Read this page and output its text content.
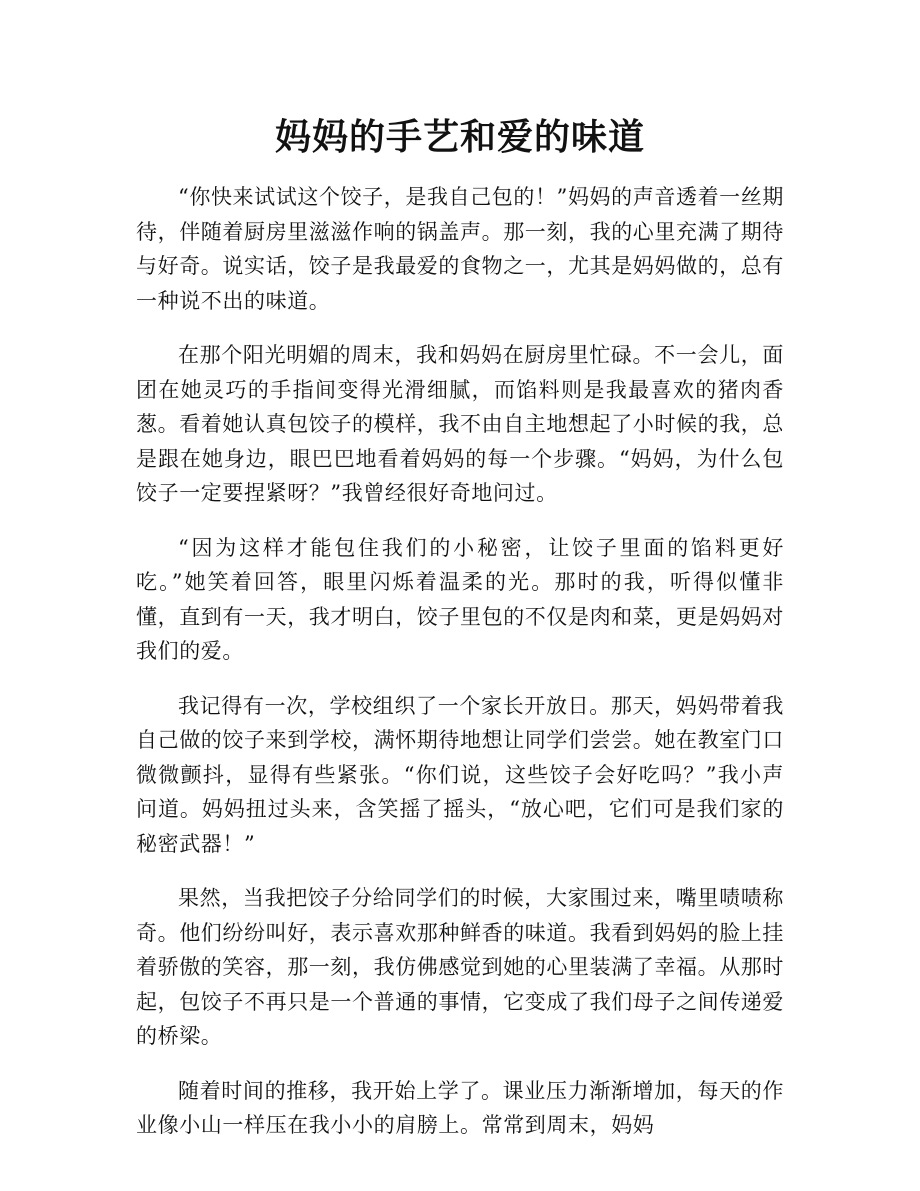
妈妈的手艺和爱的味道

“你快来试试这个饺子，是我自己包的！”妈妈的声音透着一丝期待，伴随着厨房里滋滋作响的锅盖声。那一刻，我的心里充满了期待与好奇。说实话，饺子是我最爱的食物之一，尤其是妈妈做的，总有一种说不出的味道。

在那个阳光明媚的周末，我和妈妈在厨房里忙碌。不一会儿，面团在她灵巧的手指间变得光滑细腻，而馅料则是我最喜欢的猪肉香葱。看着她认真包饺子的模样，我不由自主地想起了小时候的我，总是跟在她身边，眼巴巴地看着妈妈的每一个步骤。“妈妈，为什么包饺子一定要捏紧呀？”我曾经很好奇地问过。

“因为这样才能包住我们的小秘密，让饺子里面的馅料更好吃。”她笑着回答，眼里闪烁着温柔的光。那时的我，听得似懂非懂，直到有一天，我才明白，饺子里包的不仅是肉和菜，更是妈妈对我们的爱。

我记得有一次，学校组织了一个家长开放日。那天，妈妈带着我自己做的饺子来到学校，满怀期待地想让同学们尝尝。她在教室门口微微颤抖，显得有些紧张。“你们说，这些饺子会好吃吗？”我小声问道。妈妈扭过头来，含笑摇了摇头，“放心吧，它们可是我们家的秘密武器！”

果然，当我把饺子分给同学们的时候，大家围过来，嘴里啧啧称奇。他们纷纷叫好，表示喜欢那种鲜香的味道。我看到妈妈的脸上挂着骄傲的笑容，那一刻，我仿佛感觉到她的心里装满了幸福。从那时起，包饺子不再只是一个普通的事情，它变成了我们母子之间传递爱的桥梁。

随着时间的推移，我开始上学了。课业压力渐渐增加，每天的作业像小山一样压在我小小的肩膀上。常常到周末，妈妈
